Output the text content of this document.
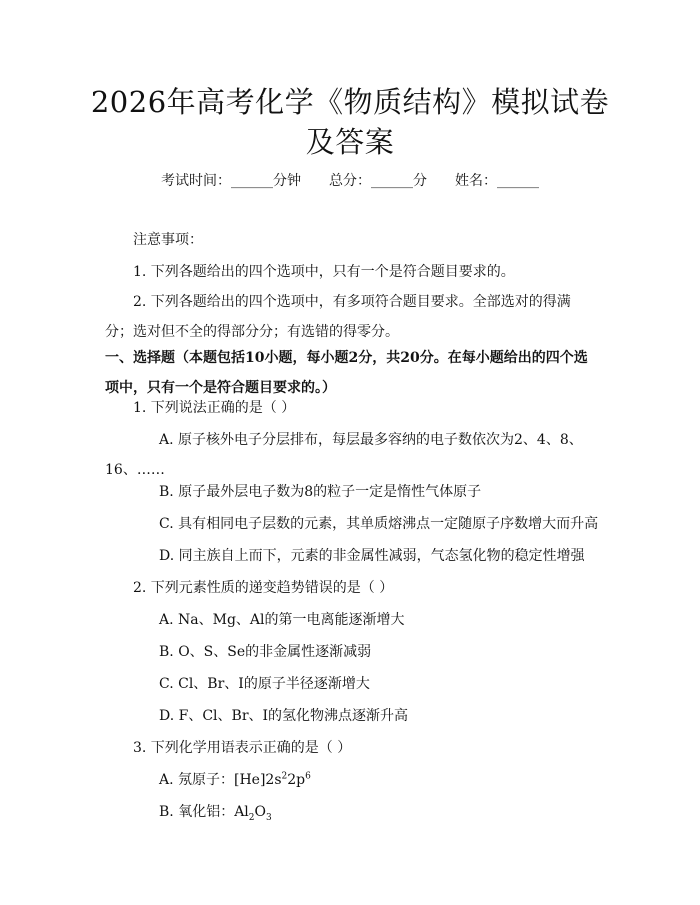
2026年高考化学《物质结构》模拟试卷及答案
考试时间：______分钟 总分：______分 姓名：______
注意事项：
1. 下列各题给出的四个选项中，只有一个是符合题目要求的。
2. 下列各题给出的四个选项中，有多项符合题目要求。全部选对的得满分；选对但不全的得部分分；有选错的得零分。
一、选择题（本题包括10小题，每小题2分，共20分。在每小题给出的四个选项中，只有一个是符合题目要求的。）
1. 下列说法正确的是（ ）
A. 原子核外电子分层排布，每层最多容纳的电子数依次为2、4、8、16、……
B. 原子最外层电子数为8的粒子一定是惰性气体原子
C. 具有相同电子层数的元素，其单质熔沸点一定随原子序数增大而升高
D. 同主族自上而下，元素的非金属性减弱，气态氢化物的稳定性增强
2. 下列元素性质的递变趋势错误的是（ ）
A. Na、Mg、Al的第一电离能逐渐增大
B. O、S、Se的非金属性逐渐减弱
C. Cl、Br、I的原子半径逐渐增大
D. F、Cl、Br、I的氢化物沸点逐渐升高
3. 下列化学用语表示正确的是（ ）
A. 氖原子：$[He]2s^22p^6$
B. 氧化铝：$Al_2O_3$
